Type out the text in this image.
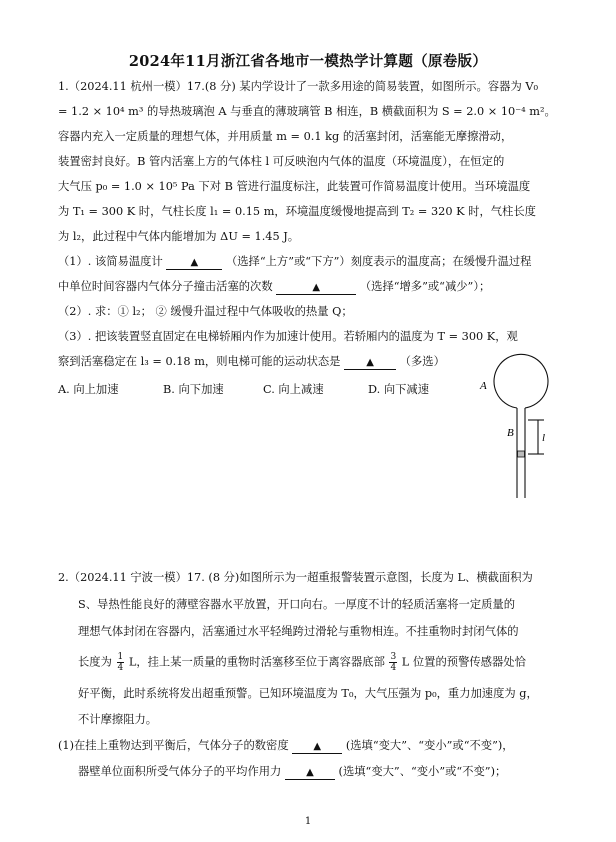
2024年11月浙江省各地市一模热学计算题（原卷版）
1.（2024.11 杭州一模）17.(8 分) 某内学设计了一款多用途的简易装置，如图所示。容器为 V₀
= 1.2 × 10⁴ m³ 的导热玻璃泡 A 与垂直的薄玻璃管 B 相连，B 横截面积为 S = 2.0 × 10⁻⁴ m²。
容器内充入一定质量的理想气体，并用质量 m = 0.1 kg 的活塞封闭，活塞能无摩擦滑动，
装置密封良好。B 管内活塞上方的气体柱 l 可反映泡内气体的温度（环境温度），在恒定的
大气压 p₀ = 1.0 × 10⁵ Pa 下对 B 管进行温度标注，此装置可作简易温度计使用。当环境温度
为 T₁ = 300 K 时，气柱长度 l₁ = 0.15 m，环境温度缓慢地提高到 T₂ = 320 K 时，气柱长度
为 l₂，此过程中气体内能增加为 ΔU = 1.45 J。
（1）. 该简易温度计	▲ （选择“上方”或“下方”）刻度表示的温度高；在缓慢升温过程
中单位时间容器内气体分子撞击活塞的次数	▲	（选择“增多”或“减少”）；
（2）. 求：① l₂； ② 缓慢升温过程中气体吸收的热量 Q；
（3）. 把该装置竖直固定在电梯轿厢内作为加速计使用。若轿厢内的温度为 T = 300 K，观
察到活塞稳定在 l₃ = 0.18 m，则电梯可能的运动状态是	▲ （多选）
A. 向上加速	B. 向下加速	C. 向上减速	D. 向下减速	A
B	l
2.（2024.11 宁波一模）17. (8 分)如图所示为一超重报警装置示意图，长度为 L、横截面积为
S、导热性能良好的薄壁容器水平放置，开口向右。一厚度不计的轻质活塞将一定质量的
理想气体封闭在容器内，活塞通过水平轻绳跨过滑轮与重物相连。不挂重物时封闭气体的
长度为 $\frac{1}{4}$ L，挂上某一质量的重物时活塞移至位于离容器底部 $\frac{3}{4}$ L 位置的预警传感器处恰
好平衡，此时系统将发出超重预警。已知环境温度为 T₀，大气压强为 p₀，重力加速度为 g，
不计摩擦阻力。
(1)在挂上重物达到平衡后，气体分子的数密度 ▲ (选填“变大”、“变小”或“不变”)，
器壁单位面积所受气体分子的平均作用力 ▲ (选填“变大”、“变小”或“不变”)；
1
